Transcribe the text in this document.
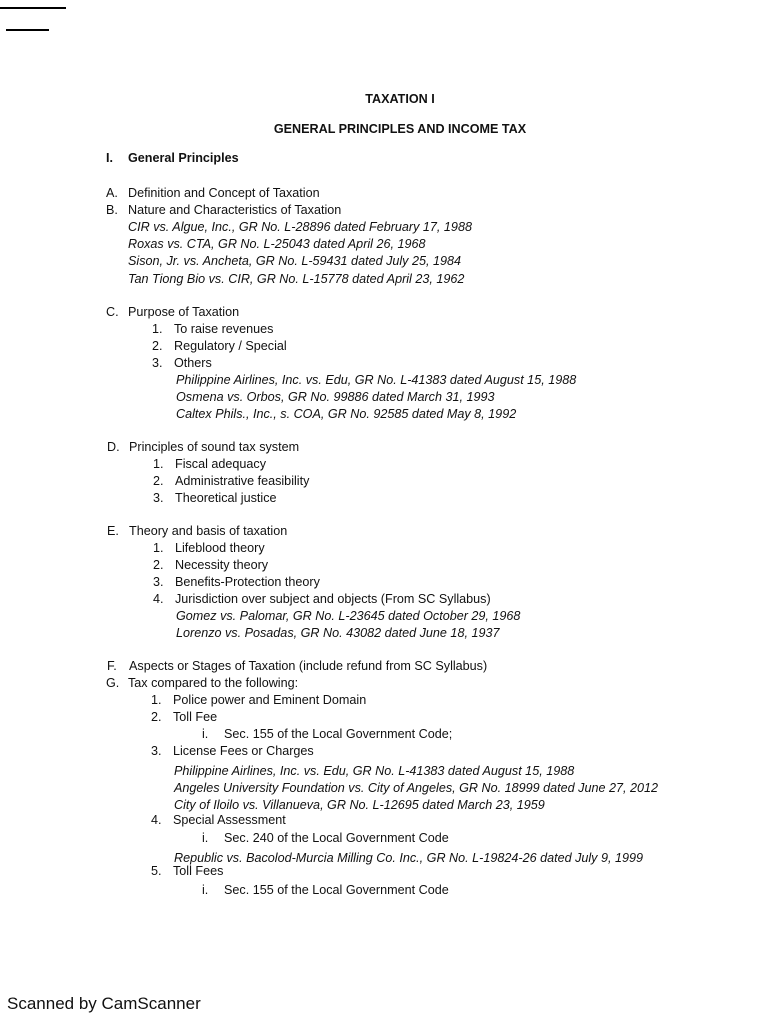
TAXATION I
GENERAL PRINCIPLES AND INCOME TAX
I. General Principles
A. Definition and Concept of Taxation
B. Nature and Characteristics of Taxation
CIR vs. Algue, Inc., GR No. L-28896 dated February 17, 1988
Roxas vs. CTA, GR No. L-25043 dated April 26, 1968
Sison, Jr. vs. Ancheta, GR No. L-59431 dated July 25, 1984
Tan Tiong Bio vs. CIR, GR No. L-15778 dated April 23, 1962
C. Purpose of Taxation
1. To raise revenues
2. Regulatory / Special
3. Others
Philippine Airlines, Inc. vs. Edu, GR No. L-41383 dated August 15, 1988
Osmena vs. Orbos, GR No. 99886 dated March 31, 1993
Caltex Phils., Inc., s. COA, GR No. 92585 dated May 8, 1992
D. Principles of sound tax system
1. Fiscal adequacy
2. Administrative feasibility
3. Theoretical justice
E. Theory and basis of taxation
1. Lifeblood theory
2. Necessity theory
3. Benefits-Protection theory
4. Jurisdiction over subject and objects (From SC Syllabus)
Gomez vs. Palomar, GR No. L-23645 dated October 29, 1968
Lorenzo vs. Posadas, GR No. 43082 dated June 18, 1937
F. Aspects or Stages of Taxation (include refund from SC Syllabus)
G. Tax compared to the following:
1. Police power and Eminent Domain
2. Toll Fee
i. Sec. 155 of the Local Government Code;
3. License Fees or Charges
Philippine Airlines, Inc. vs. Edu, GR No. L-41383 dated August 15, 1988
Angeles University Foundation vs. City of Angeles, GR No. 18999 dated June 27, 2012
City of Iloilo vs. Villanueva, GR No. L-12695 dated March 23, 1959
4. Special Assessment
i. Sec. 240 of the Local Government Code
Republic vs. Bacolod-Murcia Milling Co. Inc., GR No. L-19824-26 dated July 9, 1999
5. Toll Fees
i. Sec. 155 of the Local Government Code
Scanned by CamScanner
